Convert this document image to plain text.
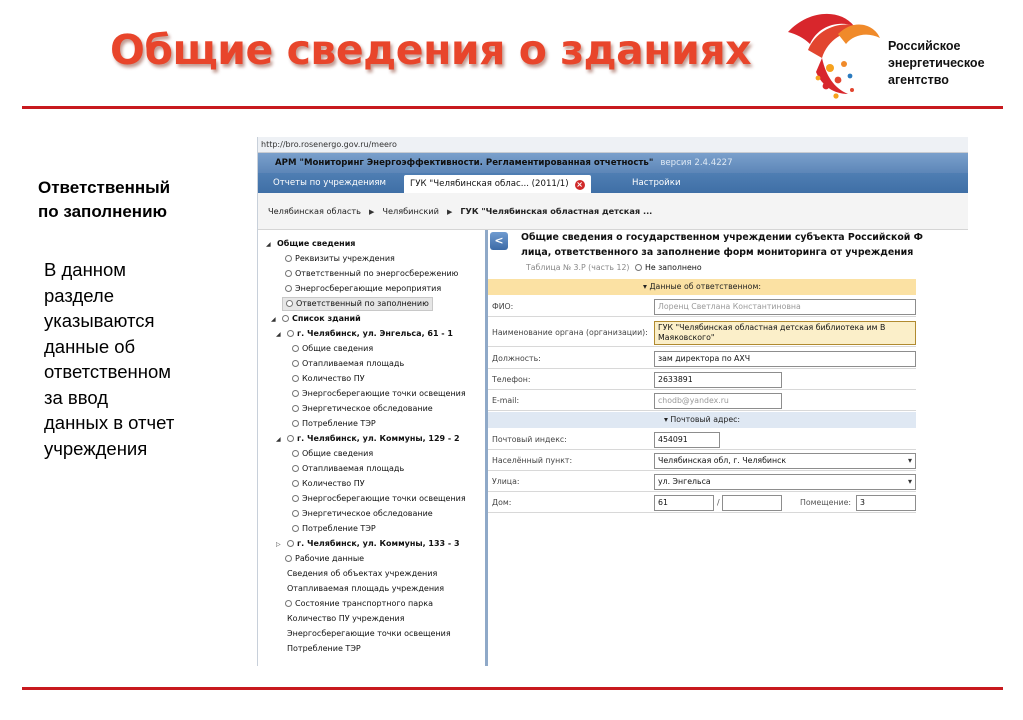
Общие сведения о зданиях	Российское
энергетическое
агентство
Ответственный
по заполнению
В данном
разделе
указываются
данные об
ответственном
за ввод
данных в отчет
учреждения
http://bro.rosenergo.gov.ru/meero
АРМ "Мониторинг Энергоэффективности. Регламентированная отчетность" версия 2.4.4227
Отчеты по учреждениям	ГУК "Челябинская облас... (2011/1) ×	Настройки
Челябинская область ▶ Челябинский ▶ ГУК "Челябинская областная детская ...
◢ Общие сведения
Реквизиты учреждения
Ответственный по энергосбережению
Энергосберегающие мероприятия
Ответственный по заполнению
◢ Список зданий
◢ г. Челябинск, ул. Энгельса, 61 - 1
Общие сведения
Отапливаемая площадь
Количество ПУ
Энергосберегающие точки освещения
Энергетическое обследование
Потребление ТЭР
◢ г. Челябинск, ул. Коммуны, 129 - 2
Общие сведения
Отапливаемая площадь
Количество ПУ
Энергосберегающие точки освещения
Энергетическое обследование
Потребление ТЭР
▷ г. Челябинск, ул. Коммуны, 133 - 3
Рабочие данные
Сведения об объектах учреждения
Отапливаемая площадь учреждения
Состояние транспортного парка
Количество ПУ учреждения
Энергосберегающие точки освещения
Потребление ТЭР
<	Общие сведения о государственном учреждении субъекта Российской Ф
лица, ответственного за заполнение форм мониторинга от учреждения
Таблица № 3.Р (часть 12) Не заполнено
▾ Данные об ответственном:
ФИО:	Лоренц Светлана Константиновна
Наименование органа (организации):
ГУК "Челябинская областная детская библиотека им В Маяковского"
Должность:	зам директора по АХЧ
Телефон:	2633891
E-mail:	chodb@yandex.ru
▾ Почтовый адрес:
Почтовый индекс:	454091
Населённый пункт:	Челябинская обл, г. Челябинск ▾
Улица:	ул. Энгельса ▾
Дом:	61	/	Помещение:	3
